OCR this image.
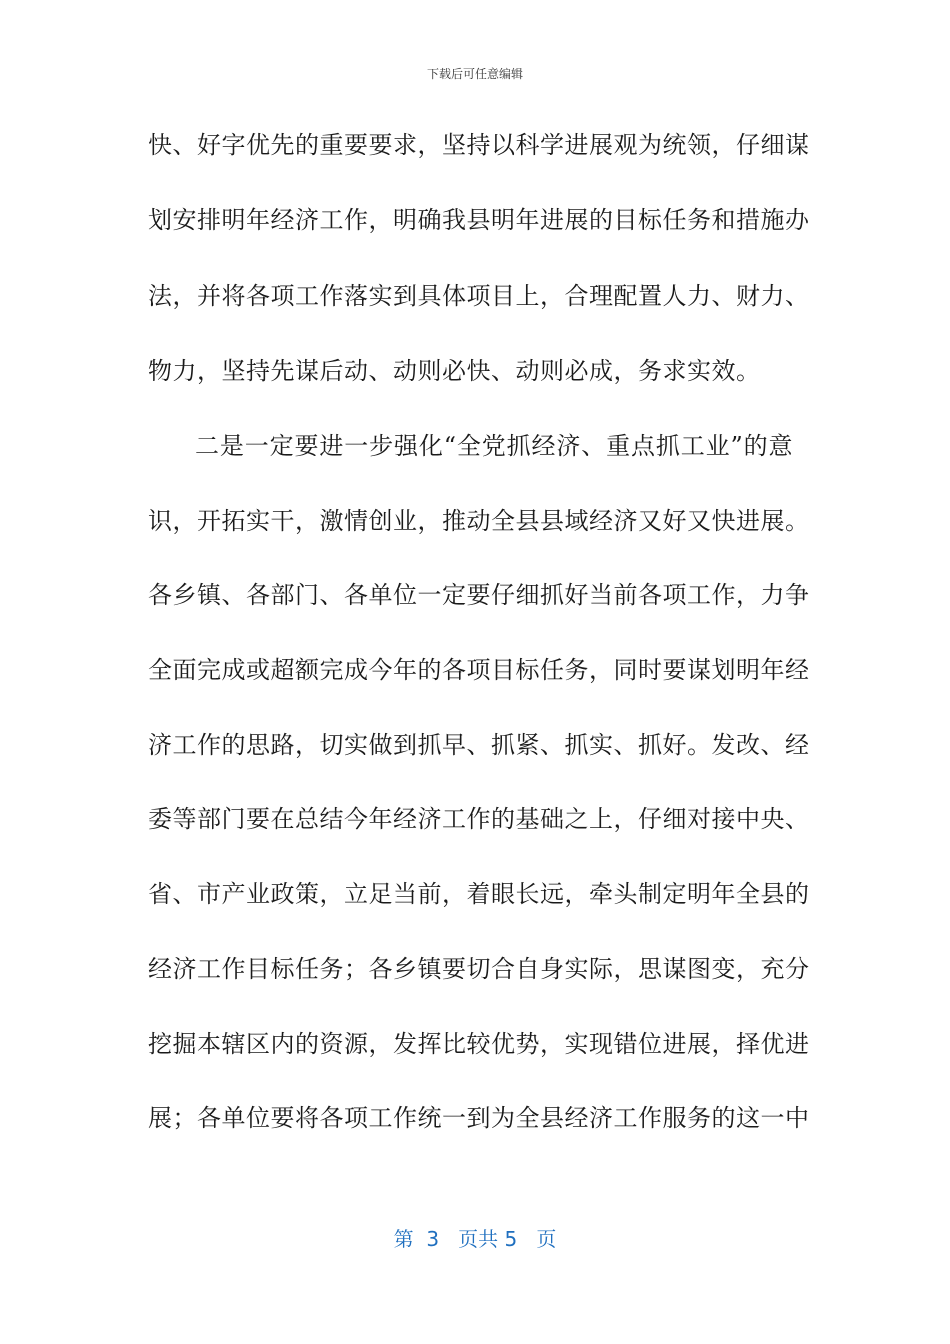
下载后可任意编辑
快、好字优先的重要要求，坚持以科学进展观为统领，仔细谋
划安排明年经济工作，明确我县明年进展的目标任务和措施办
法，并将各项工作落实到具体项目上，合理配置人力、财力、
物力，坚持先谋后动、动则必快、动则必成，务求实效。
二是一定要进一步强化“全党抓经济、重点抓工业”的意
识，开拓实干，激情创业，推动全县县域经济又好又快进展。
各乡镇、各部门、各单位一定要仔细抓好当前各项工作，力争
全面完成或超额完成今年的各项目标任务，同时要谋划明年经
济工作的思路，切实做到抓早、抓紧、抓实、抓好。发改、经
委等部门要在总结今年经济工作的基础之上，仔细对接中央、
省、市产业政策，立足当前，着眼长远，牵头制定明年全县的
经济工作目标任务；各乡镇要切合自身实际，思谋图变，充分
挖掘本辖区内的资源，发挥比较优势，实现错位进展，择优进
展；各单位要将各项工作统一到为全县经济工作服务的这一中
第  3   页共 5   页
